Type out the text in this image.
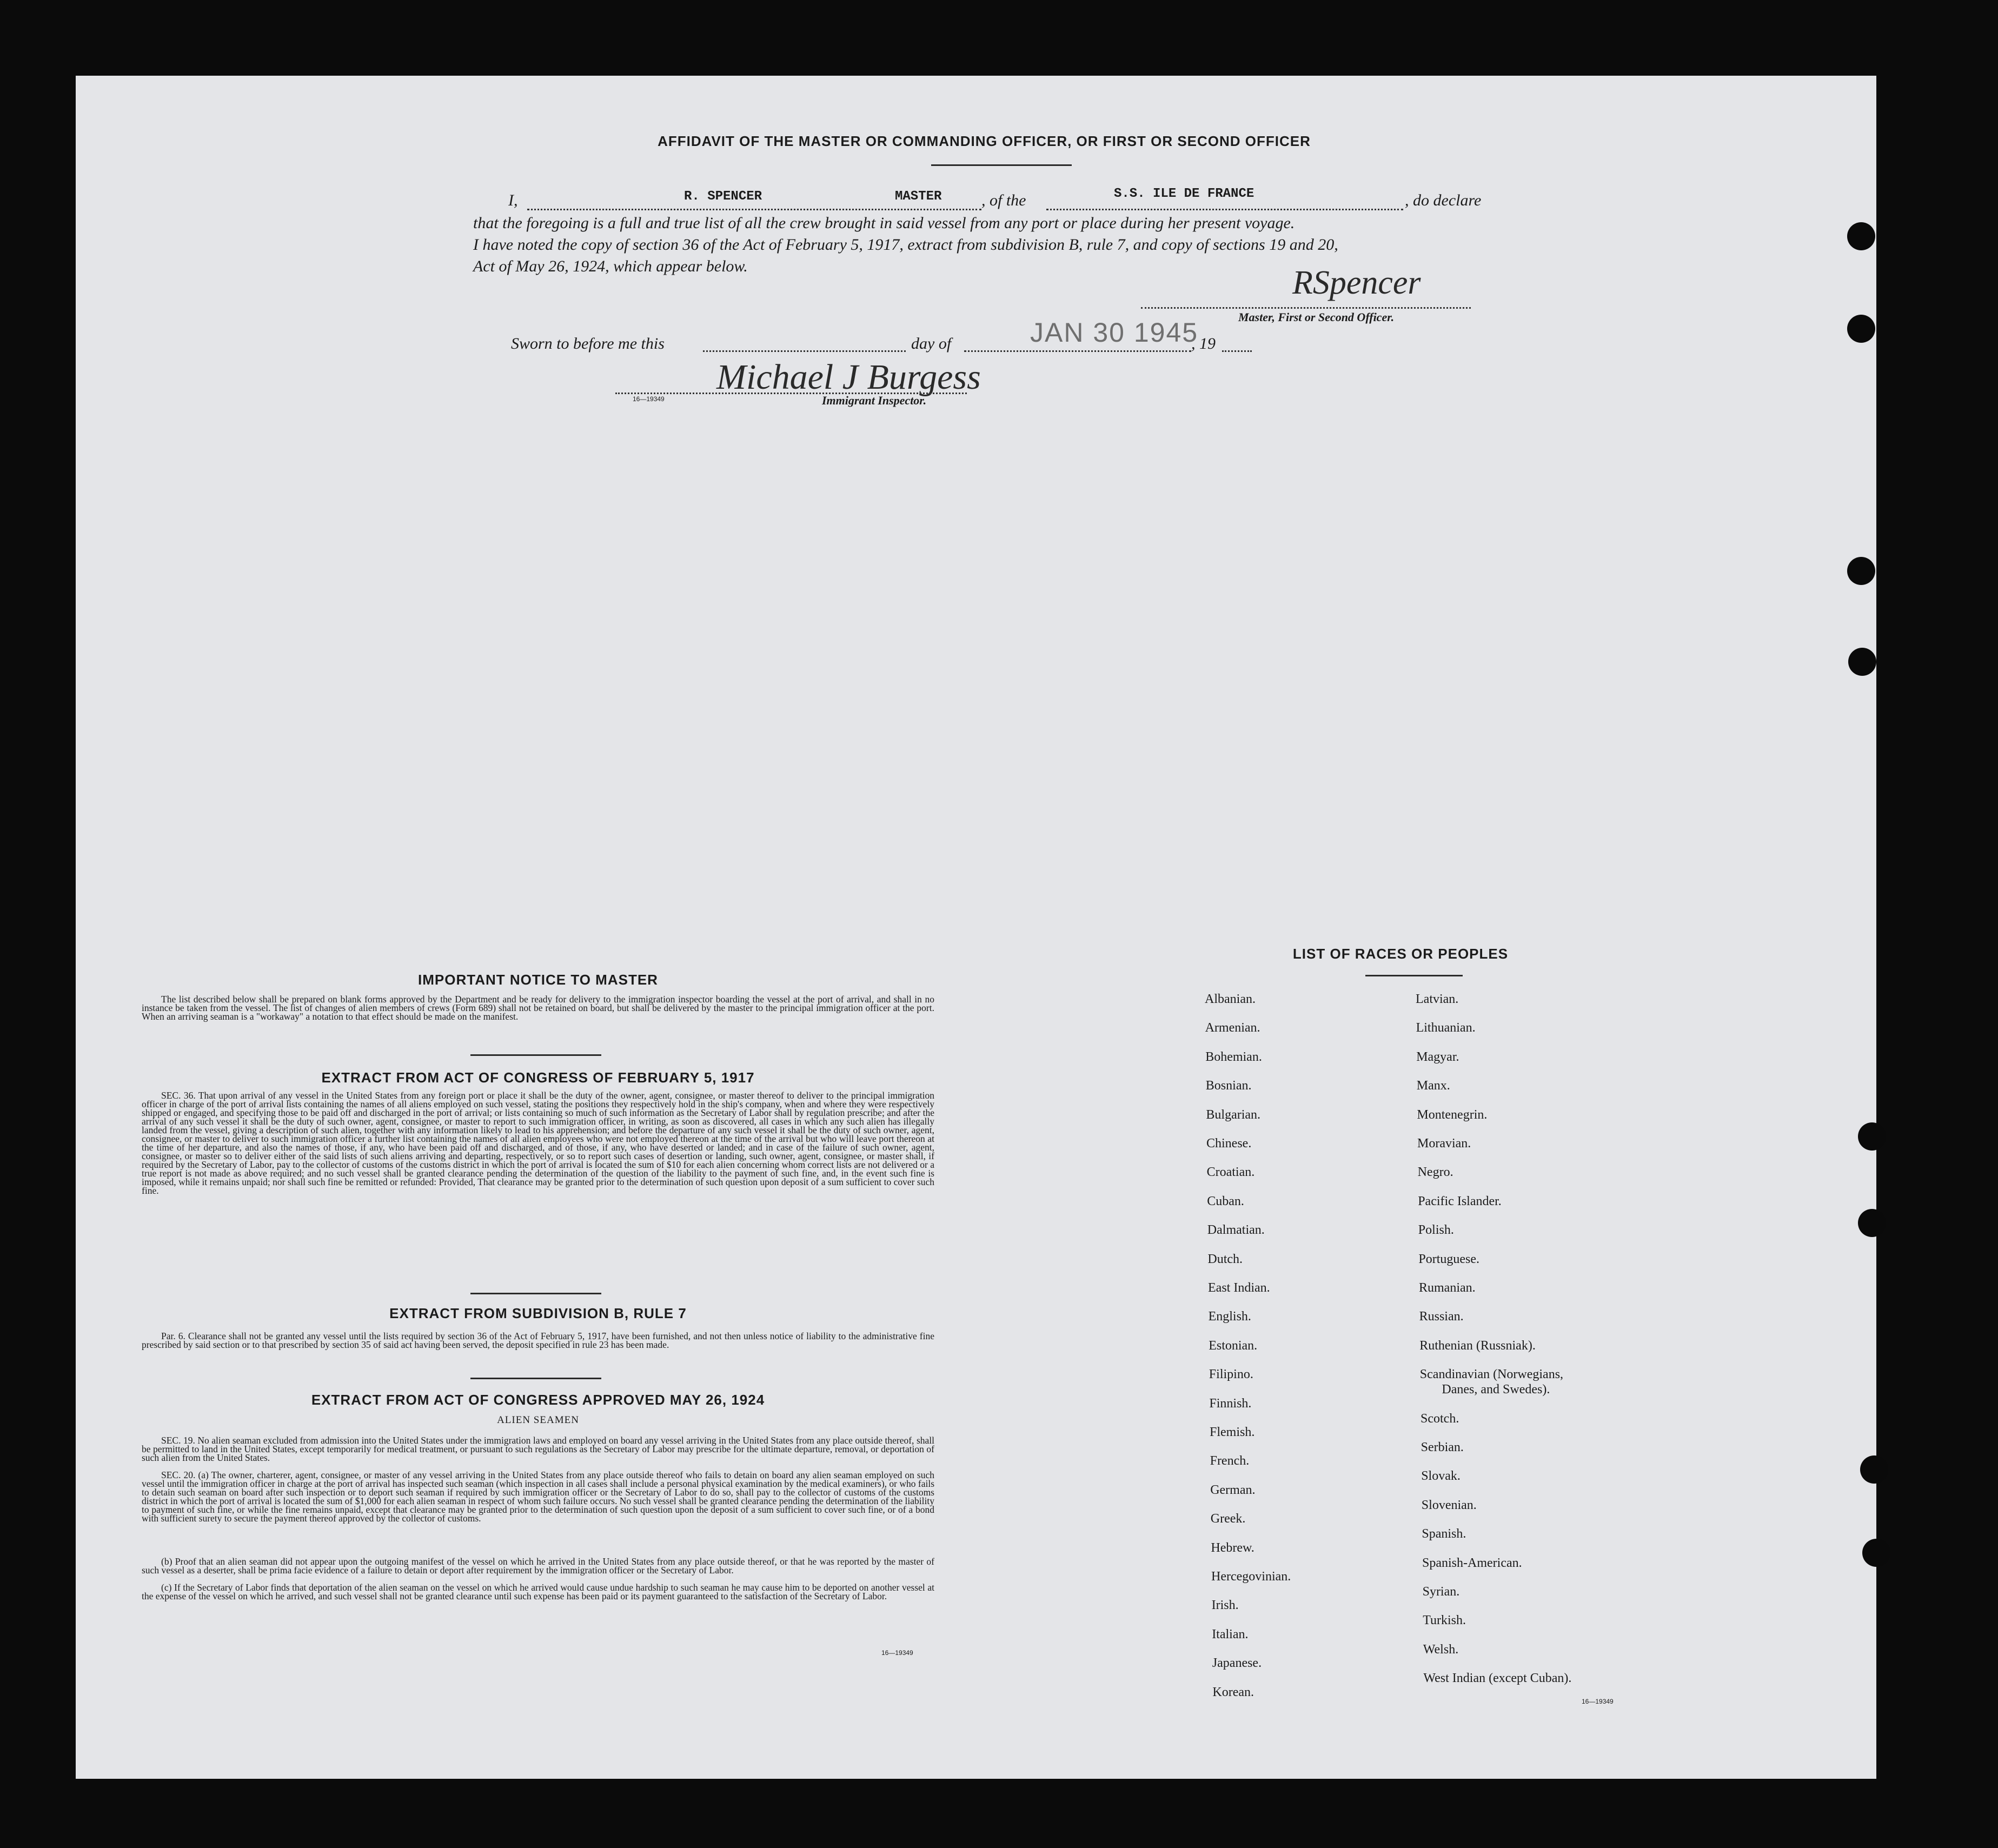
AFFIDAVIT OF THE MASTER OR COMMANDING OFFICER, OR FIRST OR SECOND OFFICER
I,	R. SPENCER	MASTER , of the	S.S. ILE DE FRANCE	, do declare
that the foregoing is a full and true list of all the crew brought in said vessel from any port or place during her present voyage.
I have noted the copy of section 36 of the Act of February 5, 1917, extract from subdivision B, rule 7, and copy of sections 19 and 20,
Act of May 26, 1924, which appear below.	RSpencer
Master, First or Second Officer.
Sworn to before me this	day of	JAN 30 1945
, 19
Michael J Burgess
16—19349	Immigrant Inspector.
IMPORTANT NOTICE TO MASTER
The list described below shall be prepared on blank forms approved by the Department and be ready for delivery to the immigration inspector boarding the vessel at the port of arrival, and shall in no instance be taken from the vessel. The list of changes of alien members of crews (Form 689) shall not be retained on board, but shall be delivered by the master to the principal immigration officer at the port. When an arriving seaman is a "workaway" a notation to that effect should be made on the manifest.
EXTRACT FROM ACT OF CONGRESS OF FEBRUARY 5, 1917
SEC. 36. That upon arrival of any vessel in the United States from any foreign port or place it shall be the duty of the owner, agent, consignee, or master thereof to deliver to the principal immigration officer in charge of the port of arrival lists containing the names of all aliens employed on such vessel, stating the positions they respectively hold in the ship's company, when and where they were respectively shipped or engaged, and specifying those to be paid off and discharged in the port of arrival; or lists containing so much of such information as the Secretary of Labor shall by regulation prescribe; and after the arrival of any such vessel it shall be the duty of such owner, agent, consignee, or master to report to such immigration officer, in writing, as soon as discovered, all cases in which any such alien has illegally landed from the vessel, giving a description of such alien, together with any information likely to lead to his apprehension; and before the departure of any such vessel it shall be the duty of such owner, agent, consignee, or master to deliver to such immigration officer a further list containing the names of all alien employees who were not employed thereon at the time of the arrival but who will leave port thereon at the time of her departure, and also the names of those, if any, who have been paid off and discharged, and of those, if any, who have deserted or landed; and in case of the failure of such owner, agent, consignee, or master so to deliver either of the said lists of such aliens arriving and departing, respectively, or so to report such cases of desertion or landing, such owner, agent, consignee, or master shall, if required by the Secretary of Labor, pay to the collector of customs of the customs district in which the port of arrival is located the sum of $10 for each alien concerning whom correct lists are not delivered or a true report is not made as above required; and no such vessel shall be granted clearance pending the determination of the question of the liability to the payment of such fine, and, in the event such fine is imposed, while it remains unpaid; nor shall such fine be remitted or refunded: Provided, That clearance may be granted prior to the determination of such question upon deposit of a sum sufficient to cover such fine.
EXTRACT FROM SUBDIVISION B, RULE 7
Par. 6. Clearance shall not be granted any vessel until the lists required by section 36 of the Act of February 5, 1917, have been furnished, and not then unless notice of liability to the administrative fine prescribed by said section or to that prescribed by section 35 of said act having been served, the deposit specified in rule 23 has been made.
EXTRACT FROM ACT OF CONGRESS APPROVED MAY 26, 1924
ALIEN SEAMEN
SEC. 19. No alien seaman excluded from admission into the United States under the immigration laws and employed on board any vessel arriving in the United States from any place outside thereof, shall be permitted to land in the United States, except temporarily for medical treatment, or pursuant to such regulations as the Secretary of Labor may prescribe for the ultimate departure, removal, or deportation of such alien from the United States.
SEC. 20. (a) The owner, charterer, agent, consignee, or master of any vessel arriving in the United States from any place outside thereof who fails to detain on board any alien seaman employed on such vessel until the immigration officer in charge at the port of arrival has inspected such seaman (which inspection in all cases shall include a personal physical examination by the medical examiners), or who fails to detain such seaman on board after such inspection or to deport such seaman if required by such immigration officer or the Secretary of Labor to do so, shall pay to the collector of customs of the customs district in which the port of arrival is located the sum of $1,000 for each alien seaman in respect of whom such failure occurs. No such vessel shall be granted clearance pending the determination of the liability to payment of such fine, or while the fine remains unpaid, except that clearance may be granted prior to the determination of such question upon the deposit of a sum sufficient to cover such fine, or of a bond with sufficient surety to secure the payment thereof approved by the collector of customs.
(b) Proof that an alien seaman did not appear upon the outgoing manifest of the vessel on which he arrived in the United States from any place outside thereof, or that he was reported by the master of such vessel as a deserter, shall be prima facie evidence of a failure to detain or deport after requirement by the immigration officer or the Secretary of Labor.
(c) If the Secretary of Labor finds that deportation of the alien seaman on the vessel on which he arrived would cause undue hardship to such seaman he may cause him to be deported on another vessel at the expense of the vessel on which he arrived, and such vessel shall not be granted clearance until such expense has been paid or its payment guaranteed to the satisfaction of the Secretary of Labor.
16—19349
LIST OF RACES OR PEOPLES
Albanian.
Armenian.
Bohemian.
Bosnian.
Bulgarian.
Chinese.
Croatian.
Cuban.
Dalmatian.
Dutch.
East Indian.
English.
Estonian.
Filipino.
Finnish.
Flemish.
French.
German.
Greek.
Hebrew.
Hercegovinian.
Irish.
Italian.
Japanese.
Korean.
Latvian.
Lithuanian.
Magyar.
Manx.
Montenegrin.
Moravian.
Negro.
Pacific Islander.
Polish.
Portuguese.
Rumanian.
Russian.
Ruthenian (Russniak).
Scandinavian (Norwegians,
Danes, and Swedes).
Scotch.
Serbian.
Slovak.
Slovenian.
Spanish.
Spanish-American.
Syrian.
Turkish.
Welsh.
West Indian (except Cuban).
16—19349
